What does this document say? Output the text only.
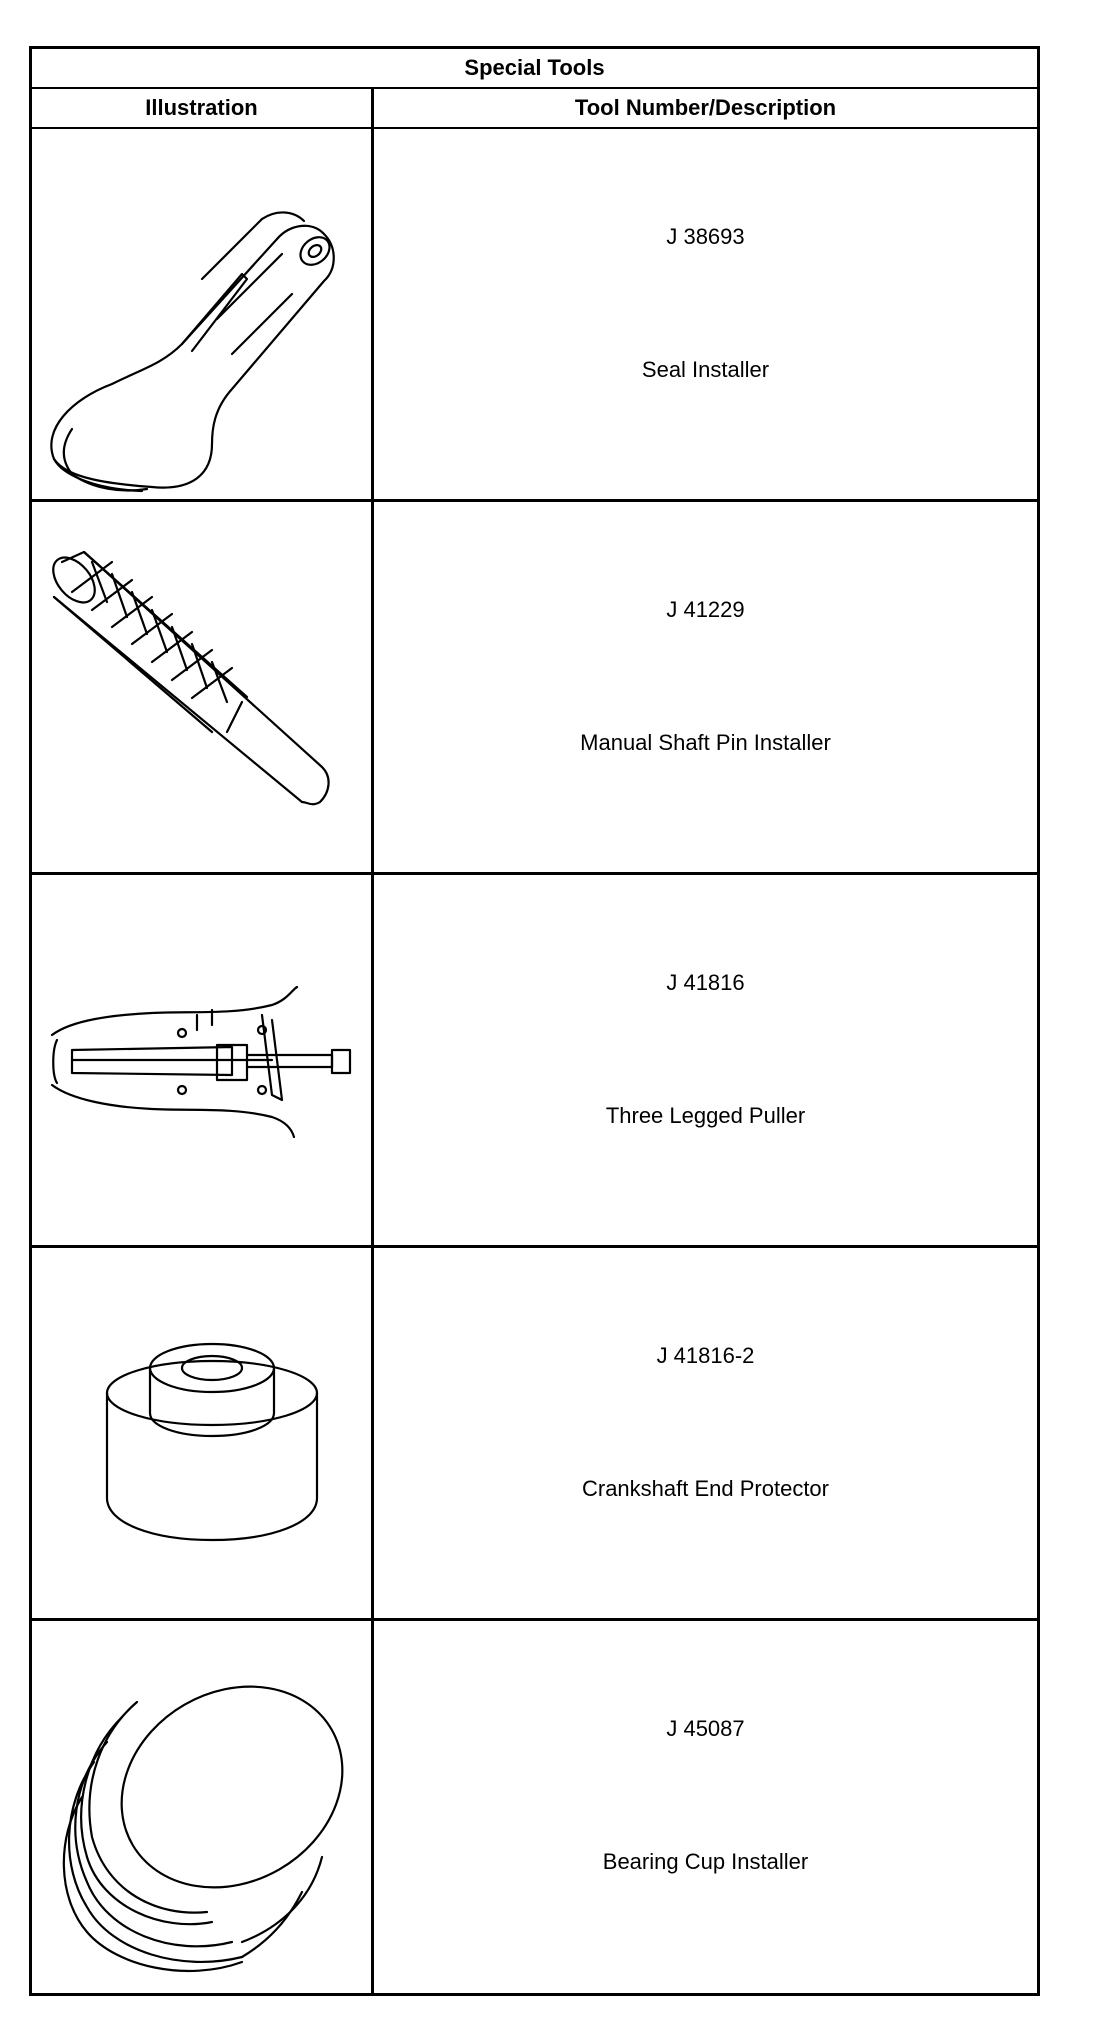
Special Tools
Illustration	Tool Number/Description
J 38693
Seal Installer
J 41229
Manual Shaft Pin Installer
J 41816
Three Legged Puller
J 41816-2
Crankshaft End Protector
J 45087
Bearing Cup Installer
